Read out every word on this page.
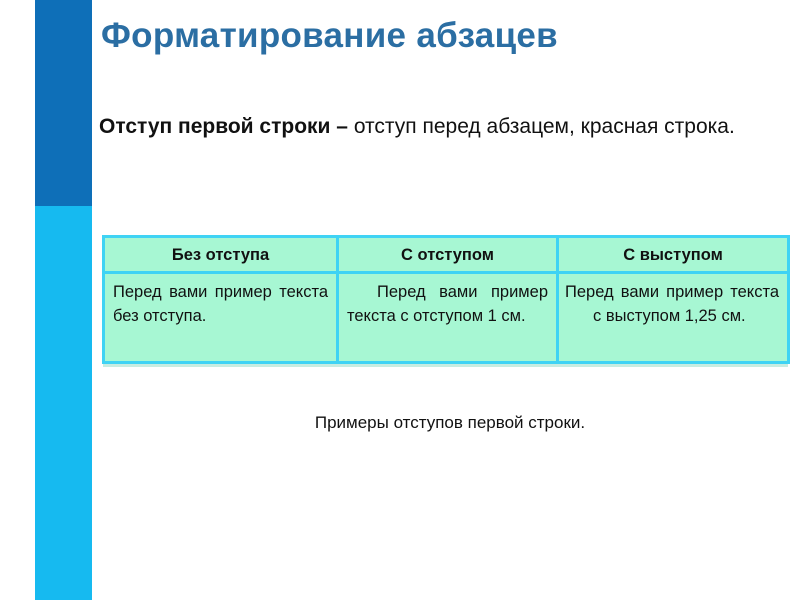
Форматирование абзацев

Отступ первой строки – отступ перед абзацем, красная строка.

Без отступа	С отступом	С выступом
Перед вами пример текста без отступа.	Перед вами пример текста с отступом 1 см.	Перед вами пример текста с выступом 1,25 см.

Примеры отступов первой строки.
